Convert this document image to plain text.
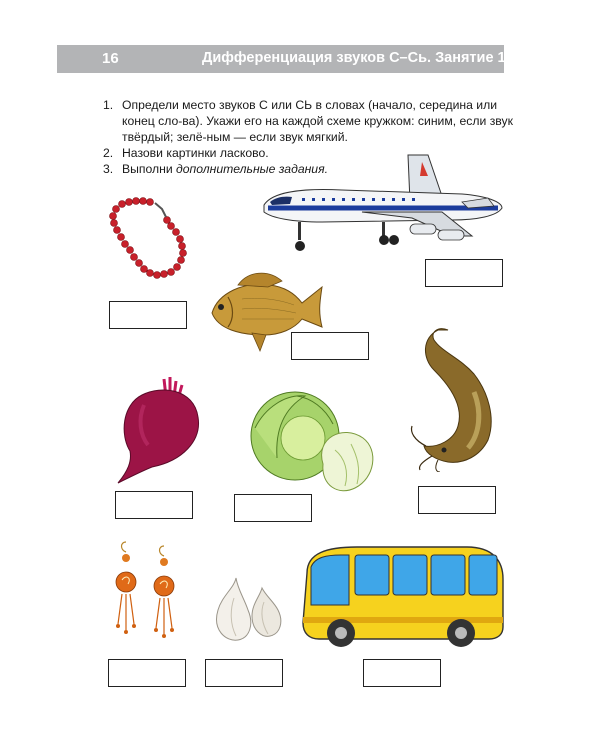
16	Дифференциация звуков С–Сь. Занятие 16
1. Определи место звуков С или СЬ в словах (начало, середина или конец сло-ва). Укажи его на каждой схеме кружком: синим, если звук твёрдый; зелё-ным — если звук мягкий.
2. Назови картинки ласково.
3. Выполни дополнительные задания.
